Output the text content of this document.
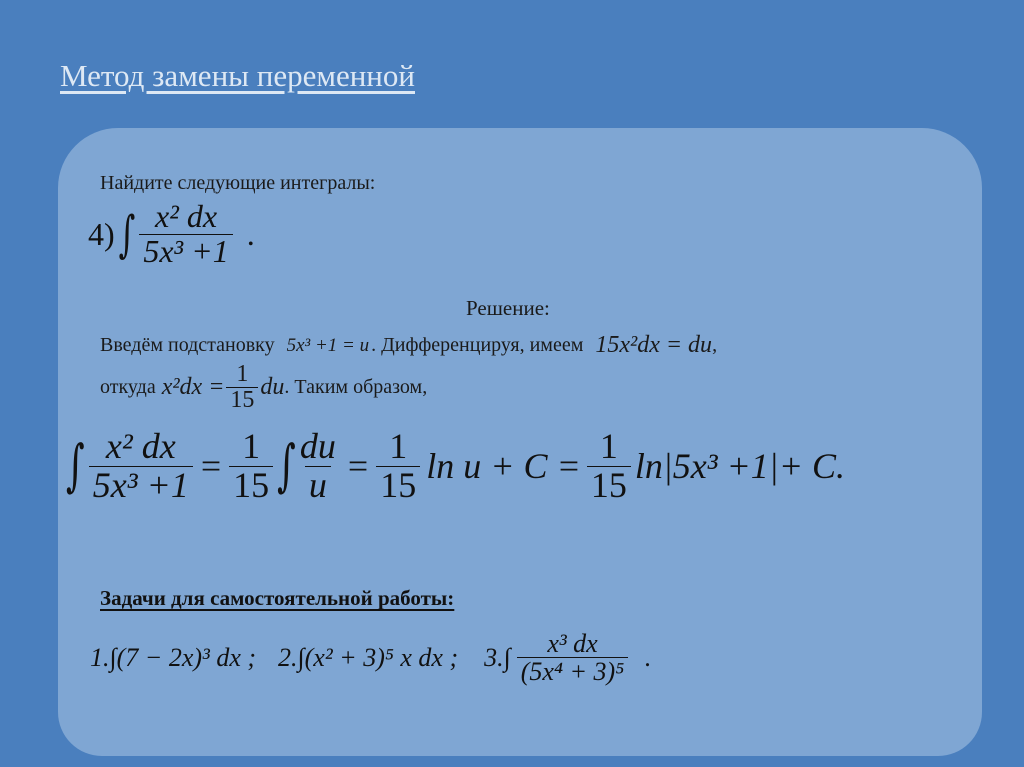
Метод замены переменной
Найдите следующие интегралы:
4) ∫ $\frac{\text{x² dx}}{\text{5x³ +1}}$ .
Решение:
Введём подстановку 5x³ +1 = u . Дифференцируя, имеем 15x²dx = du ,
откуда $x^2dx = \frac{1}{15}$ du . Таким образом,
∫ $\frac{\text{x² dx}}{\text{5x³ +1}} = \frac{1}{15}$ ∫ $\frac{du}{u} = \frac{1}{15}$ $\ln u + C = \frac{1}{15} \ln|5x^3 +1|+ C$.
Задачи для самостоятельной работы:
1.∫(7 − 2x)³ dx ; 2.∫(x² + 3)⁵ x dx ; $3.\int \frac{\text{x³ dx}}{\text{(5x⁴ + 3)⁵}}$ .
